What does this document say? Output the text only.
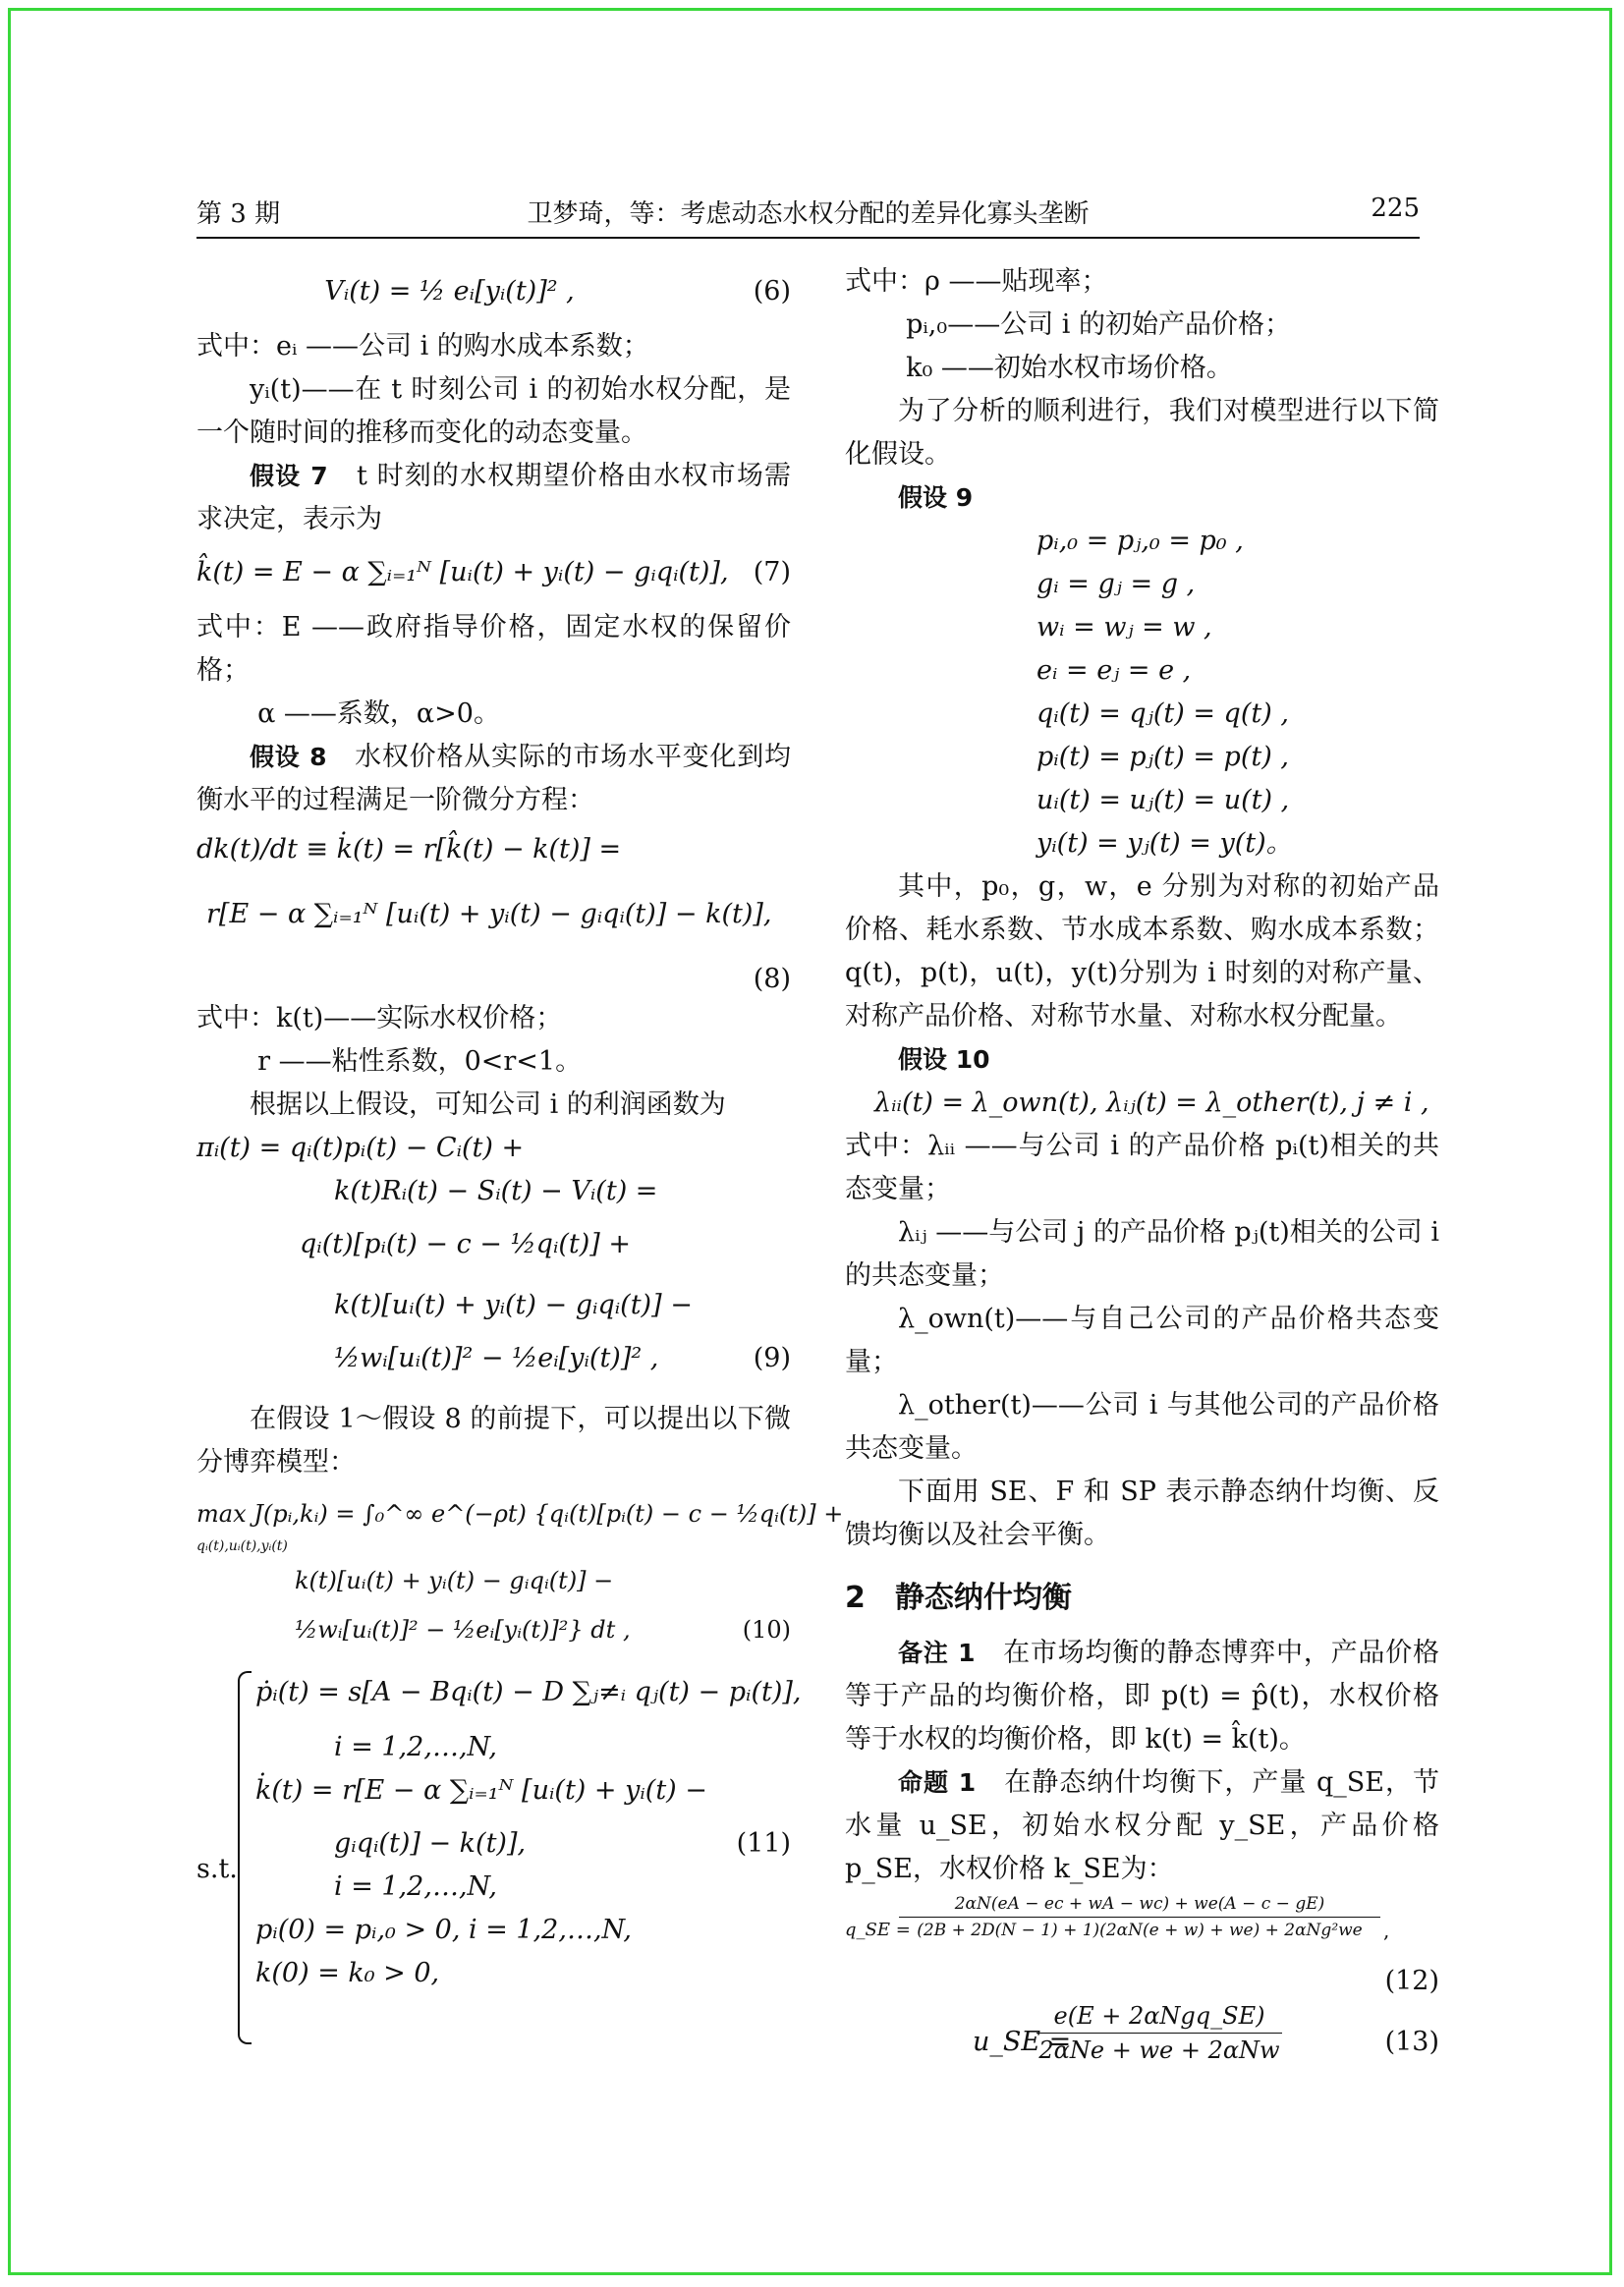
第 3 期	卫梦琦，等：考虑动态水权分配的差异化寡头垄断	225
Vᵢ(t) = ½ eᵢ[yᵢ(t)]² ,	(6)

式中：eᵢ ——公司 i 的购水成本系数；

yᵢ(t)——在 t 时刻公司 i 的初始水权分配，是一个随时间的推移而变化的动态变量。

假设 7　 t 时刻的水权期望价格由水权市场需求决定，表示为

k̂(t) = E − α ∑ᵢ₌₁ᴺ [uᵢ(t) + yᵢ(t) − gᵢqᵢ(t)], (7)

式中：E ——政府指导价格，固定水权的保留价格；

α ——系数，α>0。

假设 8　 水权价格从实际的市场水平变化到均衡水平的过程满足一阶微分方程：

dk(t)/dt ≡ k̇(t) = r[k̂(t) − k(t)] =
r[E − α ∑ᵢ₌₁ᴺ [uᵢ(t) + yᵢ(t) − gᵢqᵢ(t)] − k(t)],
(8)

式中：k(t)——实际水权价格；

r ——粘性系数，0<r<1。

根据以上假设，可知公司 i 的利润函数为

πᵢ(t) = qᵢ(t)pᵢ(t) − Cᵢ(t) +
k(t)Rᵢ(t) − Sᵢ(t) − Vᵢ(t) =
qᵢ(t)[pᵢ(t) − c − ½qᵢ(t)] +
k(t)[uᵢ(t) + yᵢ(t) − gᵢqᵢ(t)] −
½wᵢ[uᵢ(t)]² − ½eᵢ[yᵢ(t)]² ,	(9)

在假设 1～假设 8 的前提下，可以提出以下微分博弈模型：

max J(pᵢ,kᵢ) = ∫₀^∞ e^(−ρt) {qᵢ(t)[pᵢ(t) − c − ½qᵢ(t)] +
qᵢ(t),uᵢ(t),yᵢ(t)
k(t)[uᵢ(t) + yᵢ(t) − gᵢqᵢ(t)] −
½wᵢ[uᵢ(t)]² − ½eᵢ[yᵢ(t)]²} dt ,	(10)
s.t.
ṗᵢ(t) = s[A − Bqᵢ(t) − D ∑ⱼ≠ᵢ qⱼ(t) − pᵢ(t)],
i = 1,2,…,N,
k̇(t) = r[E − α ∑ᵢ₌₁ᴺ [uᵢ(t) + yᵢ(t) −
gᵢqᵢ(t)] − k(t)],	(11)
i = 1,2,…,N,
pᵢ(0) = pᵢ,₀ > 0, i = 1,2,…,N,
k(0) = k₀ > 0,

式中：ρ ——贴现率；

pᵢ,₀——公司 i 的初始产品价格；

k₀ ——初始水权市场价格。

为了分析的顺利进行，我们对模型进行以下简化假设。

假设 9

pᵢ,₀ = pⱼ,₀ = p₀ ,
gᵢ = gⱼ = g ,
wᵢ = wⱼ = w ,
eᵢ = eⱼ = e ,
qᵢ(t) = qⱼ(t) = q(t) ,
pᵢ(t) = pⱼ(t) = p(t) ,
uᵢ(t) = uⱼ(t) = u(t) ,
yᵢ(t) = yⱼ(t) = y(t)。

其中，p₀，g，w，e 分别为对称的初始产品价格、耗水系数、节水成本系数、购水成本系数；q(t)，p(t)，u(t)，y(t)分别为 i 时刻的对称产量、对称产品价格、对称节水量、对称水权分配量。

假设 10

λᵢᵢ(t) = λ_own(t), λᵢⱼ(t) = λ_other(t), j ≠ i ,

式中：λᵢᵢ ——与公司 i 的产品价格 pᵢ(t)相关的共态变量；

λᵢⱼ ——与公司 j 的产品价格 pⱼ(t)相关的公司 i 的共态变量；

λ_own(t)——与自己公司的产品价格共态变量；

λ_other(t)——公司 i 与其他公司的产品价格共态变量。

下面用 SE、F 和 SP 表示静态纳什均衡、反馈均衡以及社会平衡。

2　静态纳什均衡

备注 1　 在市场均衡的静态博弈中，产品价格等于产品的均衡价格，即 p(t) = p̂(t)，水权价格等于水权的均衡价格，即 k(t) = k̂(t)。

命题 1　 在静态纳什均衡下，产量 q_SE，节水量 u_SE，初始水权分配 y_SE，产品价格 p_SE，水权价格 k_SE为：

q_SE =
2αN(eA − ec + wA − wc) + we(A − c − gE)
(2B + 2D(N − 1) + 1)(2αN(e + w) + we) + 2αNg²we	,
(12)
u_SE =
e(E + 2αNgq_SE)
2αNe + we + 2αNw	(13)
